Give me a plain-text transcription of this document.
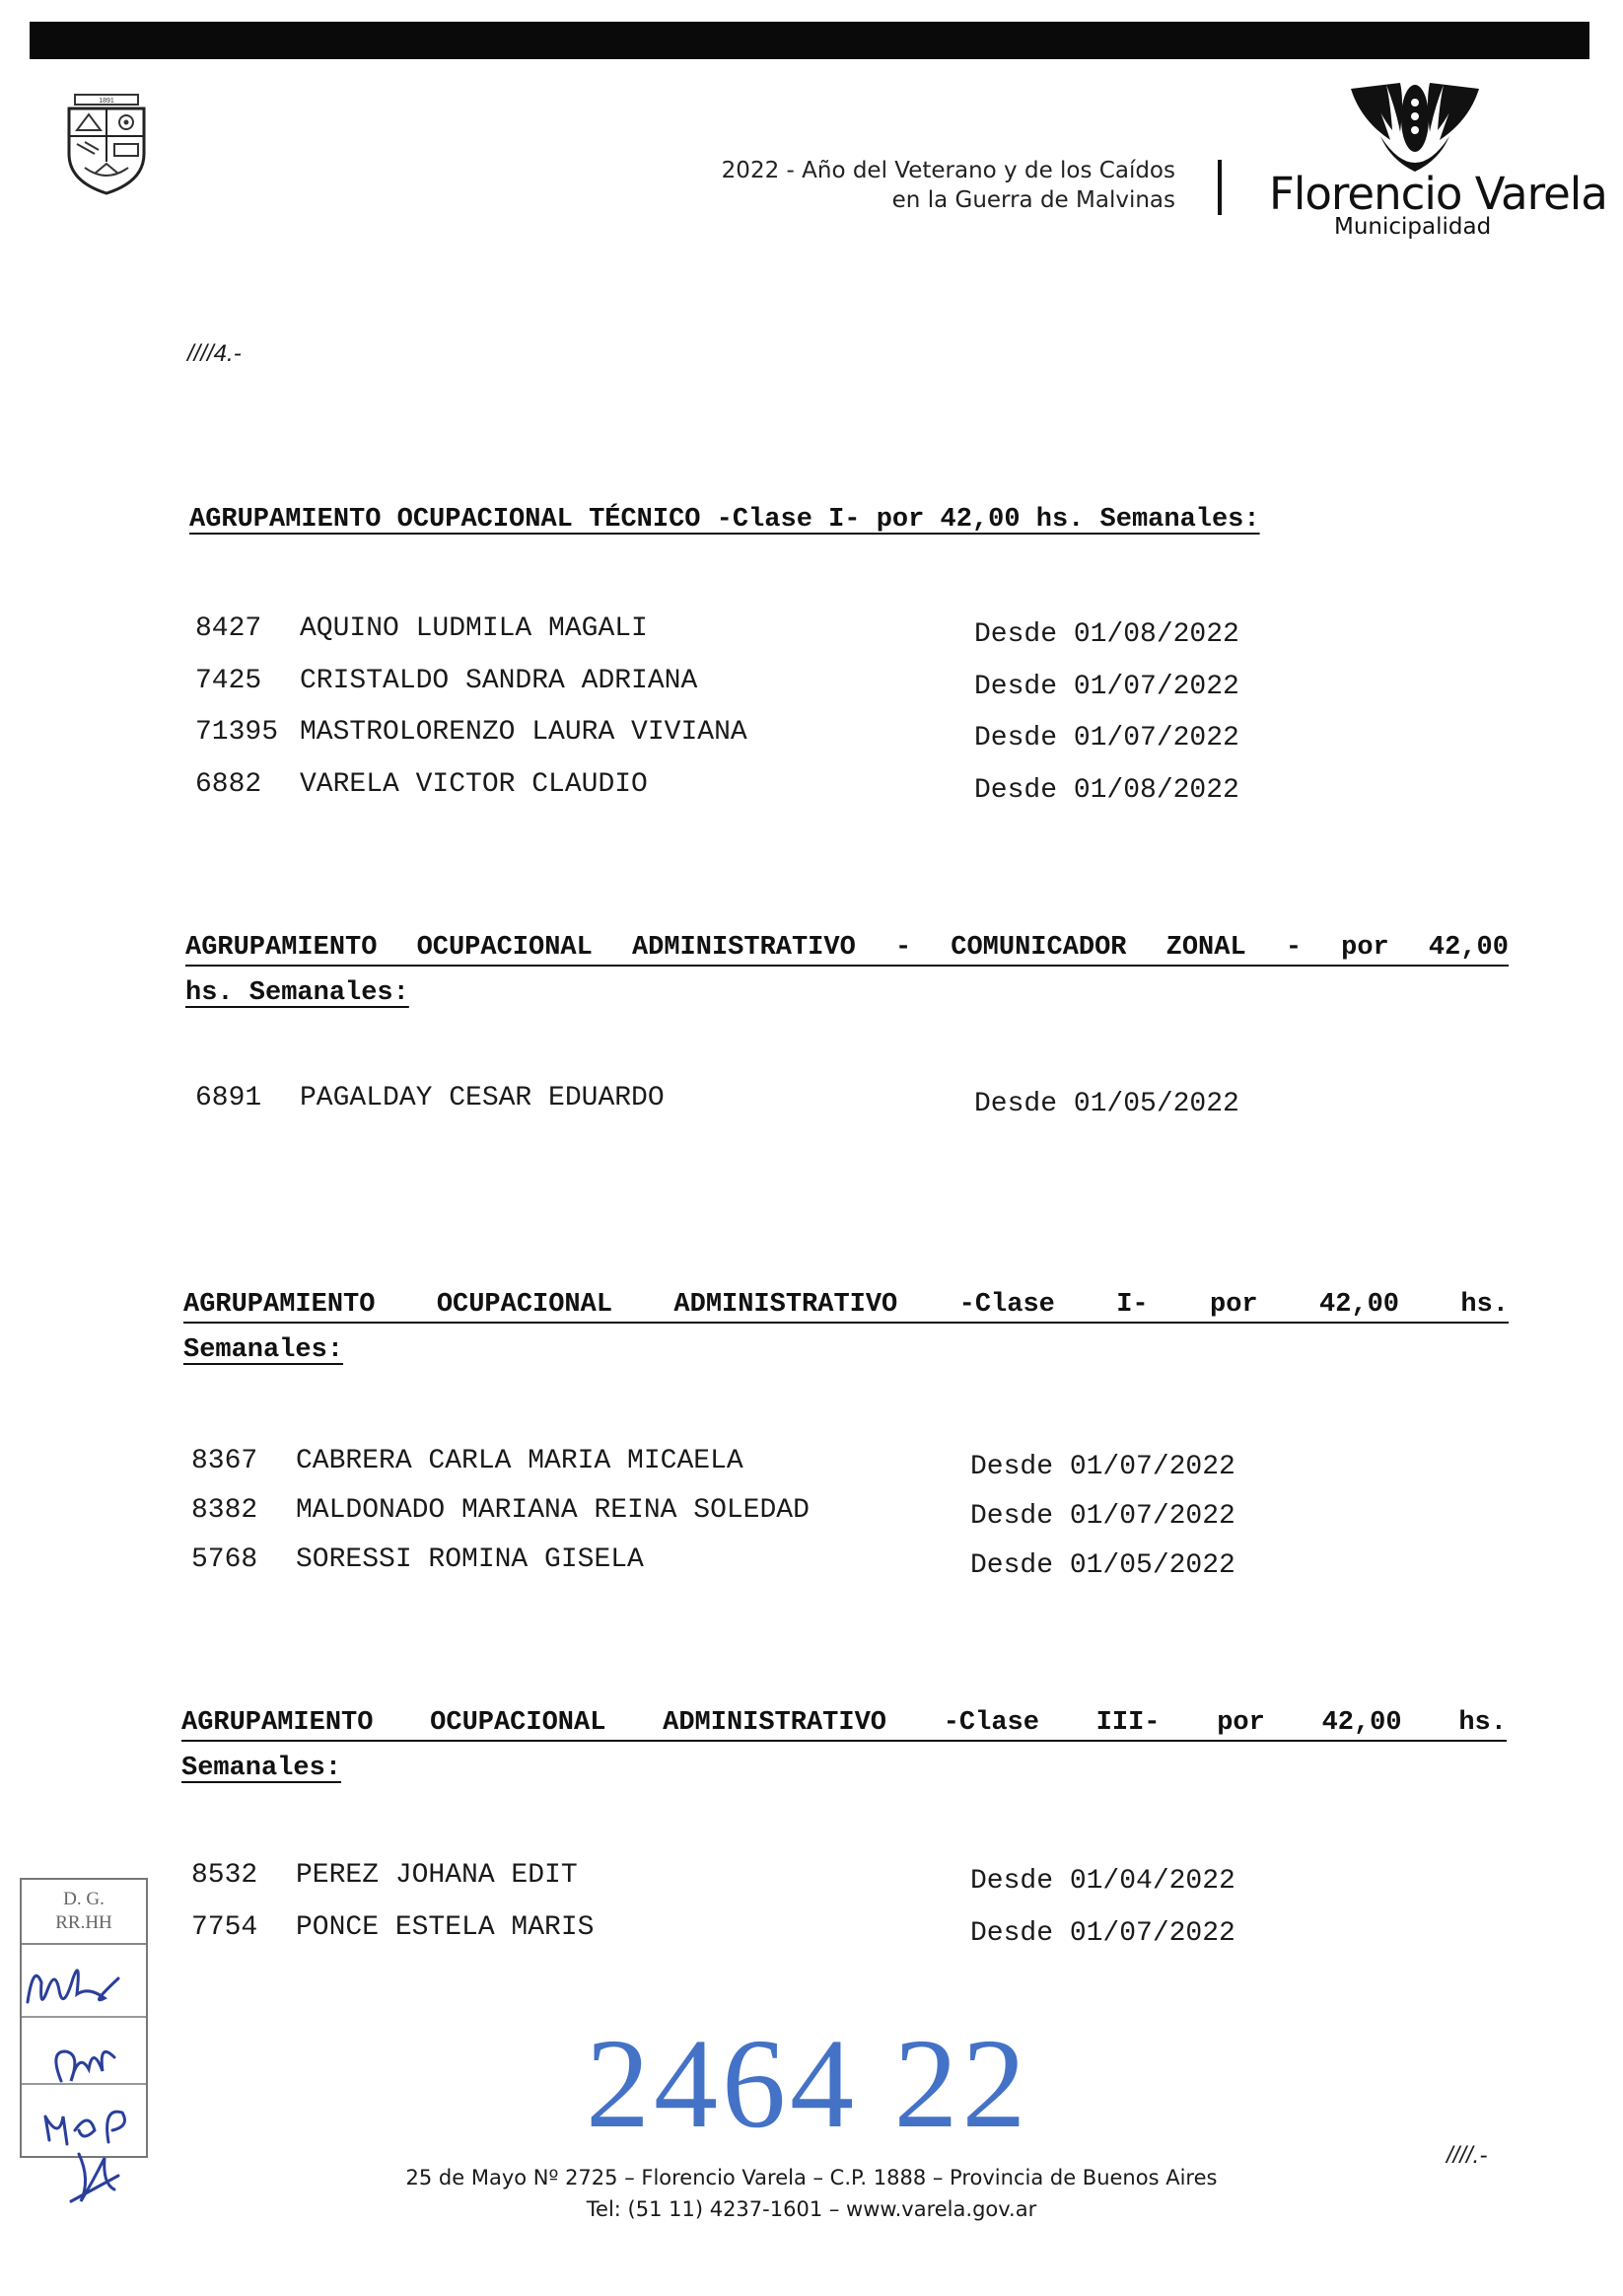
1891
2022 - Año del Veterano y de los Caídos
en la Guerra de Malvinas Florencio Varela
Municipalidad
////4.-
AGRUPAMIENTO OCUPACIONAL TÉCNICO -Clase I- por 42,00 hs. Semanales:
8427 AQUINO LUDMILA MAGALI	Desde 01/08/2022
7425 CRISTALDO SANDRA ADRIANA	Desde 01/07/2022
71395 MASTROLORENZO LAURA VIVIANA	Desde 01/07/2022
6882 VARELA VICTOR CLAUDIO	Desde 01/08/2022
AGRUPAMIENTO OCUPACIONAL ADMINISTRATIVO - COMUNICADOR ZONAL - por 42,00
hs. Semanales:
6891 PAGALDAY CESAR EDUARDO	Desde 01/05/2022
AGRUPAMIENTO OCUPACIONAL ADMINISTRATIVO -Clase I- por 42,00 hs.
Semanales:
8367 CABRERA CARLA MARIA MICAELA	Desde 01/07/2022
8382 MALDONADO MARIANA REINA SOLEDAD	Desde 01/07/2022
5768 SORESSI ROMINA GISELA	Desde 01/05/2022
AGRUPAMIENTO OCUPACIONAL ADMINISTRATIVO -Clase III- por 42,00 hs.
Semanales:
8532 PEREZ JOHANA EDIT	Desde 01/04/2022
7754 PONCE ESTELA MARIS	Desde 01/07/2022
D. G.
RR.HH
2464 22
25 de Mayo Nº 2725 – Florencio Varela – C.P. 1888 – Provincia de Buenos Aires
Tel: (51 11) 4237-1601 – www.varela.gov.ar
////.-
